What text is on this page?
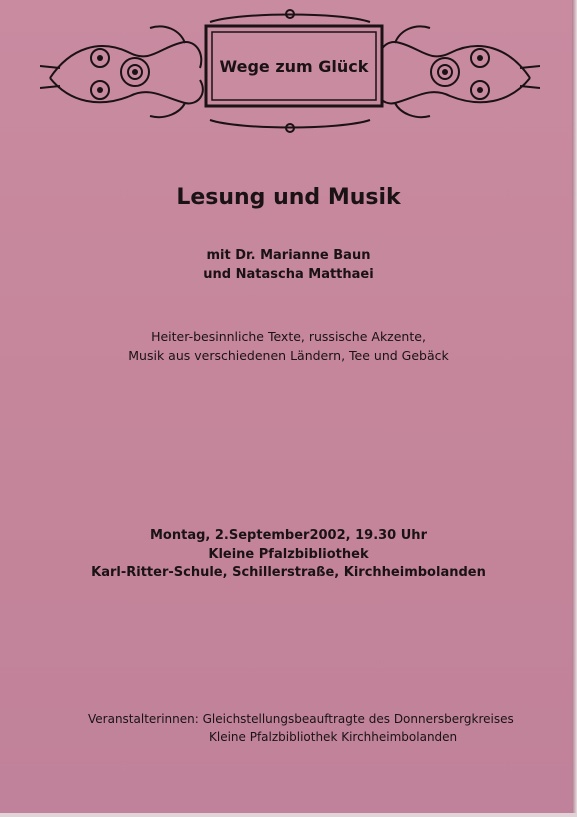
Wege zum Glück
Lesung und Musik
mit Dr. Marianne Baun
und Natascha Matthaei
Heiter-besinnliche Texte, russische Akzente,
Musik aus verschiedenen Ländern, Tee und Gebäck
Montag, 2.September2002, 19.30 Uhr
Kleine Pfalzbibliothek
Karl-Ritter-Schule, Schillerstraße, Kirchheimbolanden
Veranstalterinnen: Gleichstellungsbeauftragte des Donnersbergkreises
Kleine Pfalzbibliothek Kirchheimbolanden
